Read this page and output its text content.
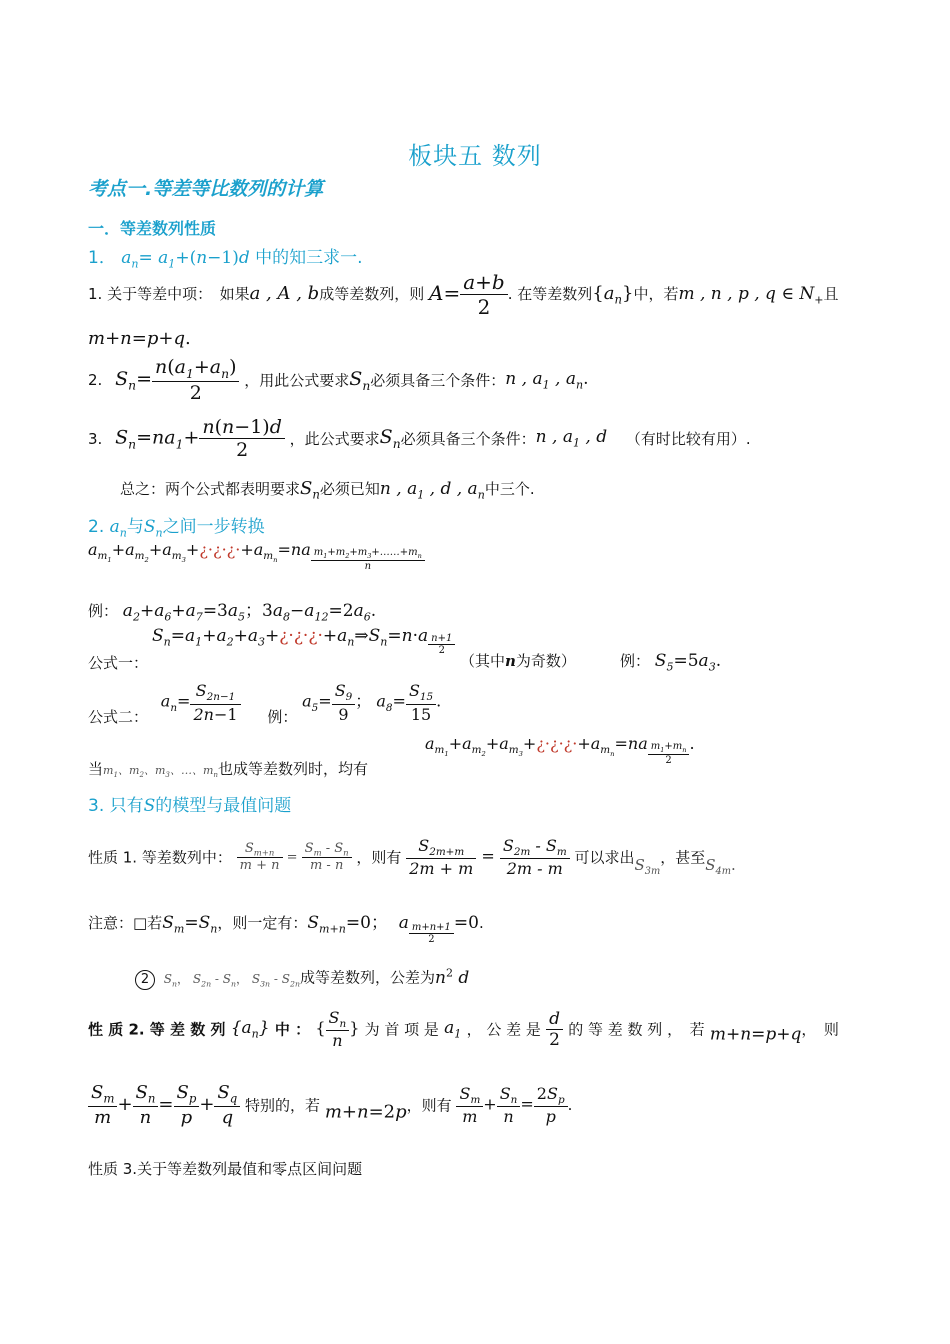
板块五 数列
考点一.等差等比数列的计算
一．等差数列性质
1． $a_n= a_1+(n-1)d$ 中的知三求一.
1. 关于等差中项：　如果a , A , b成等差数列，则 $A= \frac{a+b}{2}$ . 在等差数列$\{a_n\}$中，若m , n , p , q ∈ $N_+$且
m+n=p+q.
2. $S_n= \frac{n(a_1+a_n)}{2}$ ，用此公式要求$S_n$必须具备三个条件：n , $a_1$ , $a_n$.
3. $S_n=na_1+ \frac{n(n-1)d}{2}$ ，此公式要求$S_n$必须具备三个条件：n , $a_1$ , d （有时比较有用）.
总之：两个公式都表明要求$S_n$必须已知n , $a_1$ , d , $a_n$中三个.
2. $a_n$与$S_n$之间一步转换
$a_{m_1}+a_{m_2}+a_{m_3}+¿\cdot¿\cdot¿\cdot+a_{m_n}=na \frac{m_1+m_2+m_3+\dots\dots+m_n}{n}$
例： $a_2+a_6+a_7=3a_5$；$3a_8-a_{12}=2a_6$.
$S_n=a_1+a_2+a_3+¿\cdot¿\cdot¿\cdot+a_n\Rightarrow S_n=n\cdot a \frac{n+1}{2}$
公式一：	（其中n为奇数）	例： $S_5=5a_3$.
公式二： $a_n= \frac{S_{2n-1}}{2n-1}$ 例： $a_5= \frac{S_9}{9}$ ； $a_8= \frac{S_{15}}{15}$ .
$a_{m_1}+a_{m_2}+a_{m_3}+¿\cdot¿\cdot¿\cdot+a_{m_n}=na \frac{m_1+m_n}{2}$ .
当$m_1$、$m_2$、$m_3$、…、$m_n$也成等差数列时，均有
3. 只有S的模型与最值问题
性质 1. 等差数列中： $\frac{S_{m+n}}{m + n} = \frac{S_m - S_n}{m - n}$ ，则有 $\frac{S_{2m+m}}{2m + m} = \frac{S_{2m} - S_m}{2m - m}$ 可以求出$S_{3m}$，甚至$S_{4m}$.
注意：□若$S_m=S_n$，则一定有：$S_{m+n}=0$； a $\frac{m+n+1}{2} =0$.
2 $S_n$， $S_{2n} - S_n$， $S_{3n} - S_{2n}$成等差数列，公差为$n^2$ d
性 质 2. 等 差 数 列 $\{a_n\}$ 中 ： { $\frac{S_n}{n}$ } 为 首 项 是 $a_1$ ， 公 差 是 $\frac{d}{2}$ 的 等 差 数 列 ，　若 m+n=p+q，　则
$\frac{S_m}{m} + \frac{S_n}{n} = \frac{S_p}{p} + \frac{S_q}{q}$ 特别的，若 m+n=2p，则有 $\frac{S_m}{m} + \frac{S_n}{n} = \frac{2S_p}{p}$ .
性质 3.关于等差数列最值和零点区间问题
